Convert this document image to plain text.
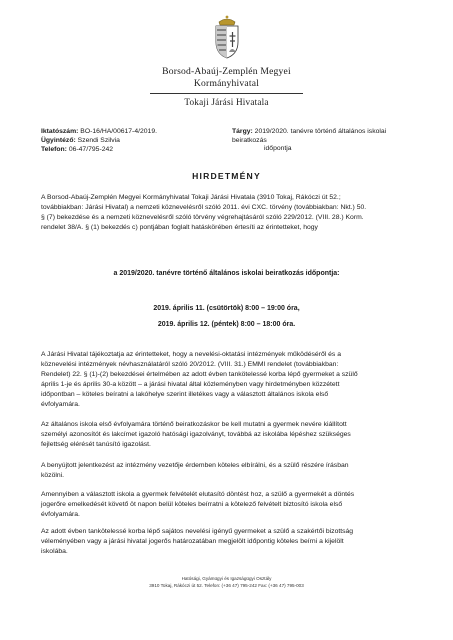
Borsod-Abaúj-Zemplén Megyei
Kormányhivatal
Tokaji Járási Hivatala
Iktatószám: BO-16/HA/00617-4/2019.
Ügyintéző: Szendi Szilvia
Telefon: 06-47/795-242
Tárgy: 2019/2020. tanévre történő általános iskolai beiratkozás
időpontja
HIRDETMÉNY
A Borsod-Abaúj-Zemplén Megyei Kormányhivatal Tokaji Járási Hivatala (3910 Tokaj, Rákóczi út 52.;
továbbiakban: Járási Hivatal) a nemzeti köznevelésről szóló 2011. évi CXC. törvény (továbbiakban: Nkt.) 50.
§ (7) bekezdése és a nemzeti köznevelésről szóló törvény végrehajtásáról szóló 229/2012. (VIII. 28.) Korm.
rendelet 38/A. § (1) bekezdés c) pontjában foglalt hatáskörében értesíti az érintetteket, hogy
a 2019/2020. tanévre történő általános iskolai beiratkozás időpontja:
2019. április 11. (csütörtök) 8:00 – 19:00 óra,
2019. április 12. (péntek) 8:00 – 18:00 óra.
A Járási Hivatal tájékoztatja az érintetteket, hogy a nevelési-oktatási intézmények működéséről és a
köznevelési intézmények névhasználatáról szóló 20/2012. (VIII. 31.) EMMI rendelet (továbbiakban:
Rendelet) 22. § (1)-(2) bekezdései értelmében az adott évben tankötelessé korba lépő gyermeket a szülő
április 1-je és április 30-a között – a járási hivatal által közleményben vagy hirdetményben közzétett
időpontban – köteles beíratni a lakóhelye szerint illetékes vagy a választott általános iskola első
évfolyamára.
Az általános iskola első évfolyamára történő beiratkozáskor be kell mutatni a gyermek nevére kiállított
személyi azonosítót és lakcímet igazoló hatósági igazolványt, továbbá az iskolába lépéshez szükséges
fejlettség elérését tanúsító igazolást.
A benyújtott jelentkezést az intézmény vezetője érdemben köteles elbírálni, és a szülő részére írásban
közölni.
Amennyiben a választott iskola a gyermek felvételét elutasító döntést hoz, a szülő a gyermekét a döntés
jogerőre emelkedését követő öt napon belül köteles beírratni a kötelező felvételt biztosító iskola első
évfolyamára.
Az adott évben tankötelessé korba lépő sajátos nevelési igényű gyermeket a szülő a szakértői bizottság
véleményében vagy a járási hivatal jogerős határozatában megjelölt időpontig köteles beírni a kijelölt
iskolába.
Hatósági, Gyámügyi és Igazságügyi Osztály
3910 Tokaj, Rákóczi út 52. Telefon: (+36 47) 795-242 Fax: (+36 47) 795-003
